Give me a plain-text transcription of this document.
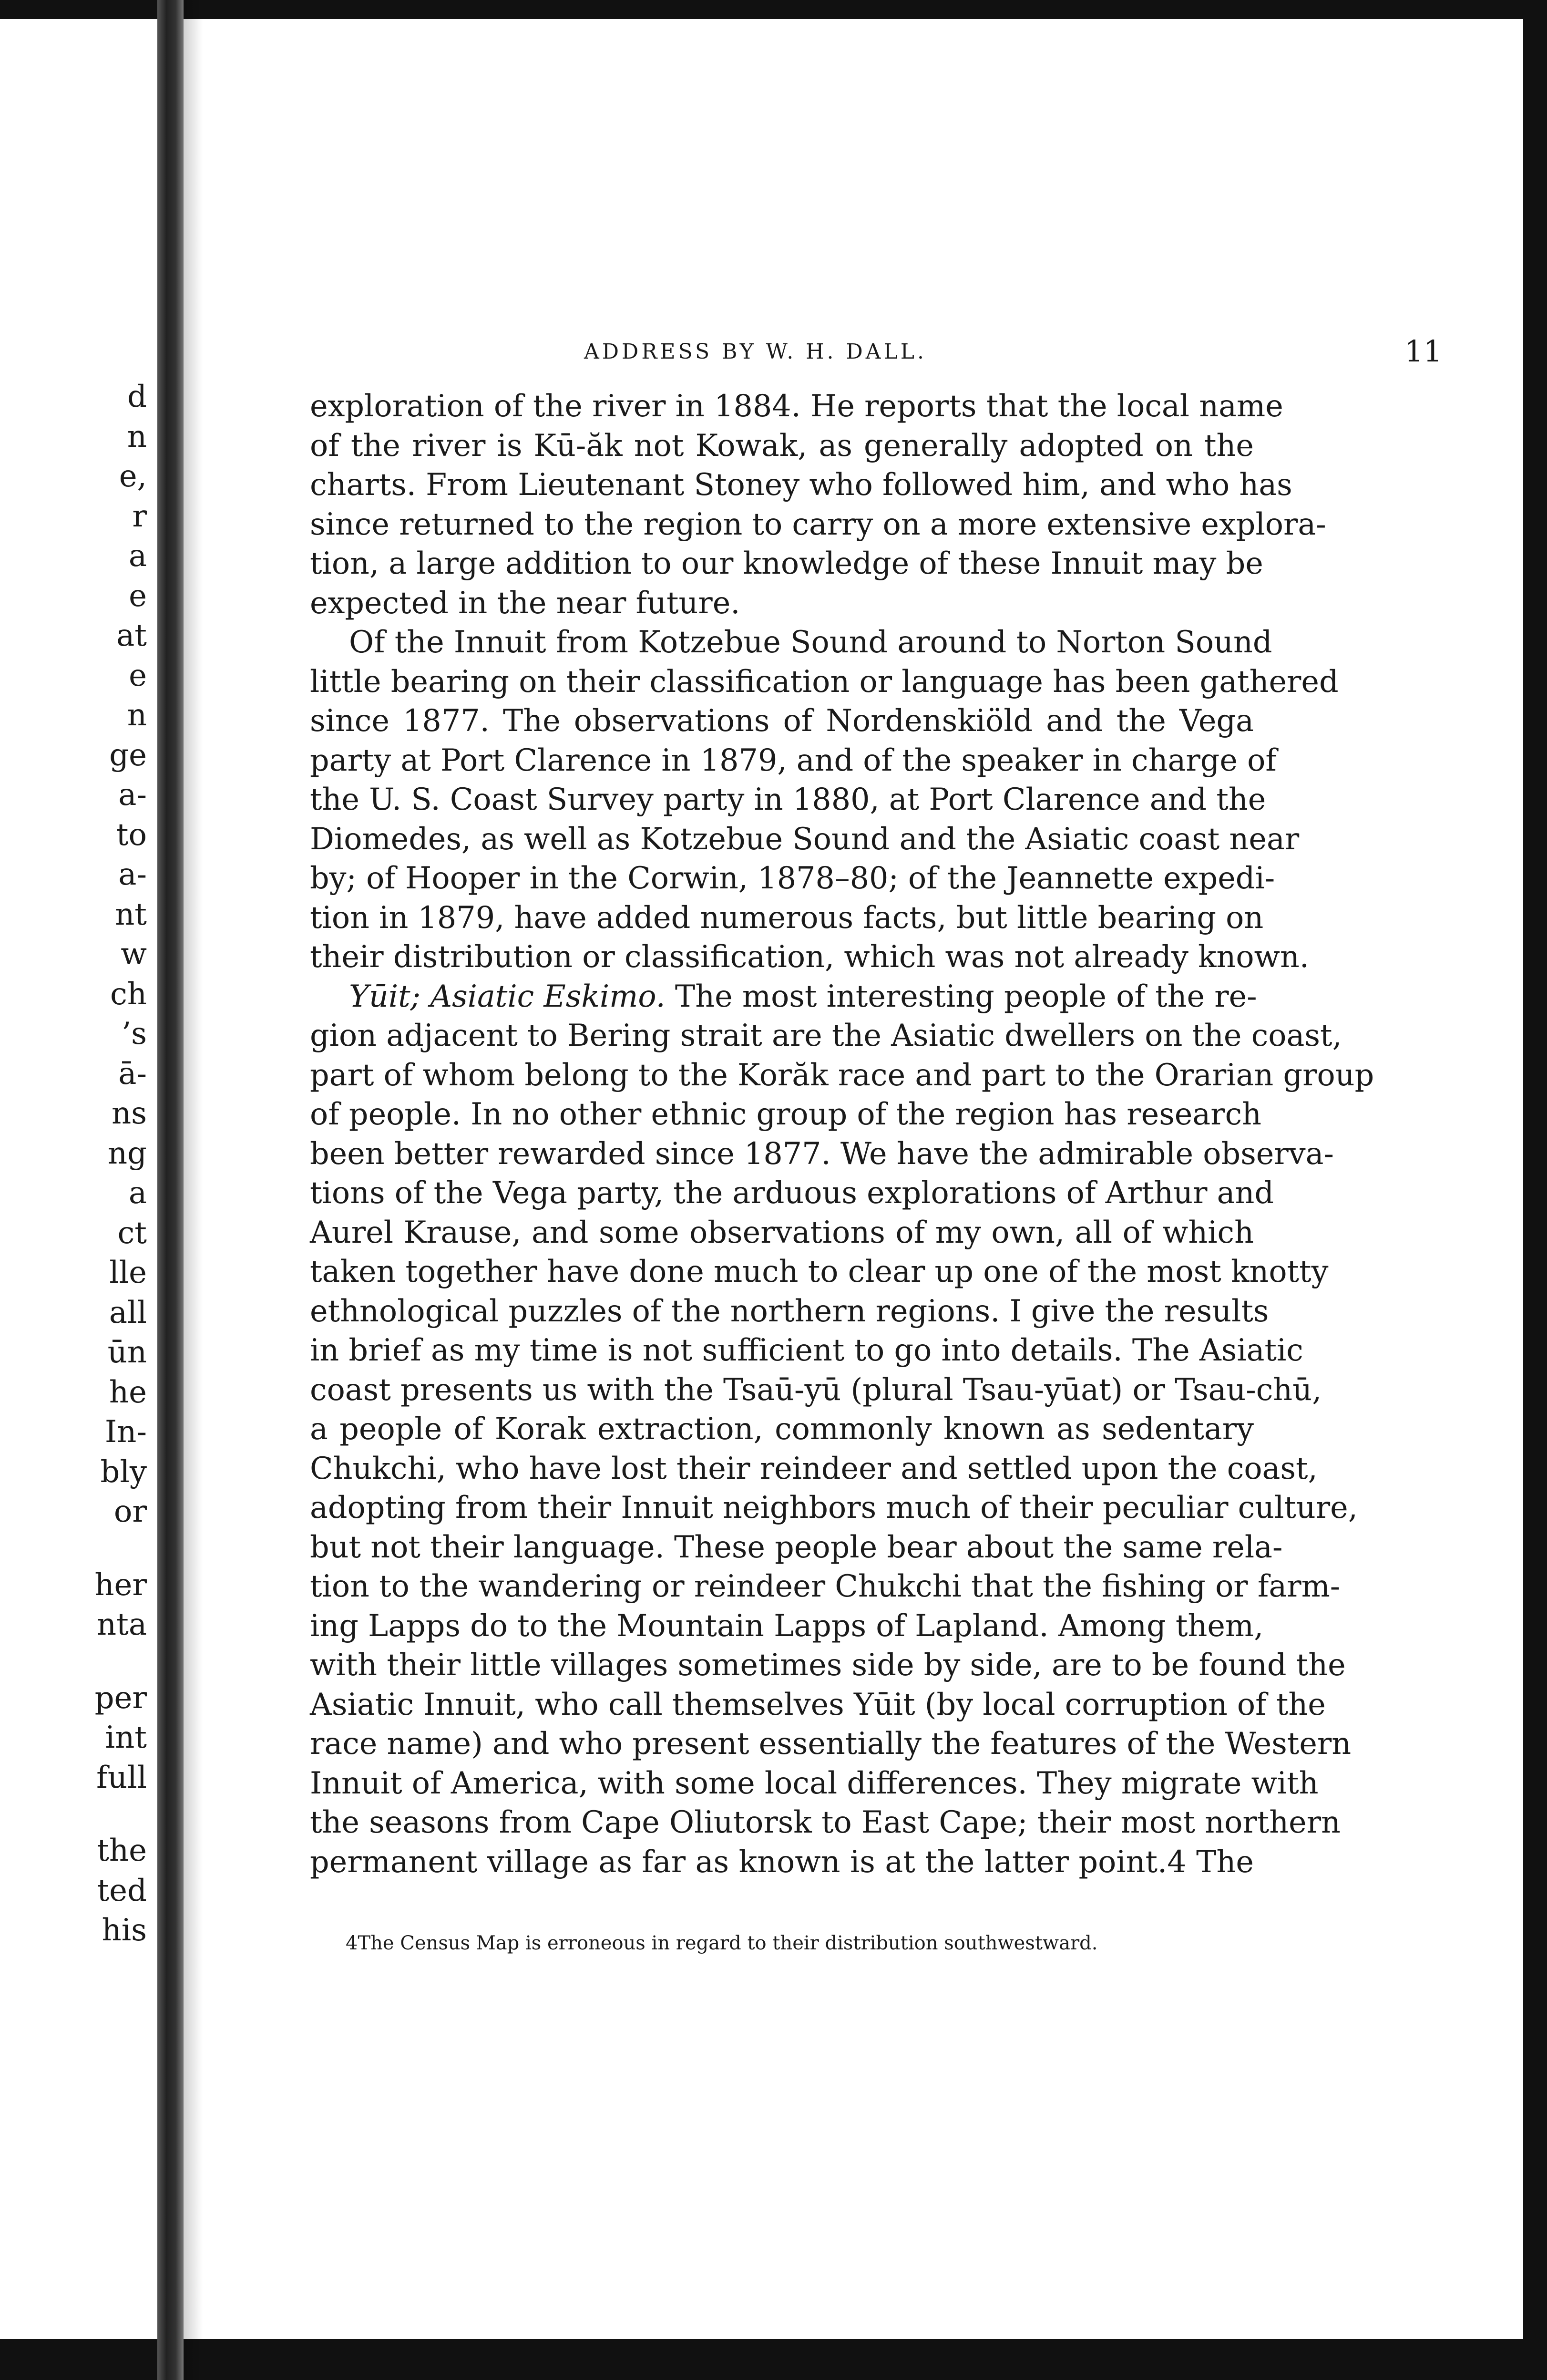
d
n
e,
r
a
e
at
e
n
ge
a-
to
a-
nt
w
ch
’s
ā-
ns
ng
a
ct
lle
all
ūn
he
In-
bly
or
her
nta
per
int
full
the
ted
his
ADDRESS BY W. H. DALL.	11

exploration of the river in 1884. He reports that the local name
of the river is Kū-ăk not Kowak, as generally adopted on the
charts. From Lieutenant Stoney who followed him, and who has
since returned to the region to carry on a more extensive explora-
tion, a large addition to our knowledge of these Innuit may be
expected in the near future.

Of the Innuit from Kotzebue Sound around to Norton Sound
little bearing on their classification or language has been gathered
since 1877. The observations of Nordenskiöld and the Vega
party at Port Clarence in 1879, and of the speaker in charge of
the U. S. Coast Survey party in 1880, at Port Clarence and the
Diomedes, as well as Kotzebue Sound and the Asiatic coast near
by; of Hooper in the Corwin, 1878–80; of the Jeannette expedi-
tion in 1879, have added numerous facts, but little bearing on
their distribution or classification, which was not already known.

Yūit; Asiatic Eskimo. The most interesting people of the re-
gion adjacent to Bering strait are the Asiatic dwellers on the coast,
part of whom belong to the Korăk race and part to the Orarian group
of people. In no other ethnic group of the region has research
been better rewarded since 1877. We have the admirable observa-
tions of the Vega party, the arduous explorations of Arthur and
Aurel Krause, and some observations of my own, all of which
taken together have done much to clear up one of the most knotty
ethnological puzzles of the northern regions. I give the results
in brief as my time is not sufficient to go into details. The Asiatic
coast presents us with the Tsaū-yū (plural Tsau-yūat) or Tsau-chū,
a people of Korak extraction, commonly known as sedentary
Chukchi, who have lost their reindeer and settled upon the coast,
adopting from their Innuit neighbors much of their peculiar culture,
but not their language. These people bear about the same rela-
tion to the wandering or reindeer Chukchi that the fishing or farm-
ing Lapps do to the Mountain Lapps of Lapland. Among them,
with their little villages sometimes side by side, are to be found the
Asiatic Innuit, who call themselves Yūit (by local corruption of the
race name) and who present essentially the features of the Western
Innuit of America, with some local differences. They migrate with
the seasons from Cape Oliutorsk to East Cape; their most northern
permanent village as far as known is at the latter point.4 The

4The Census Map is erroneous in regard to their distribution southwestward.
